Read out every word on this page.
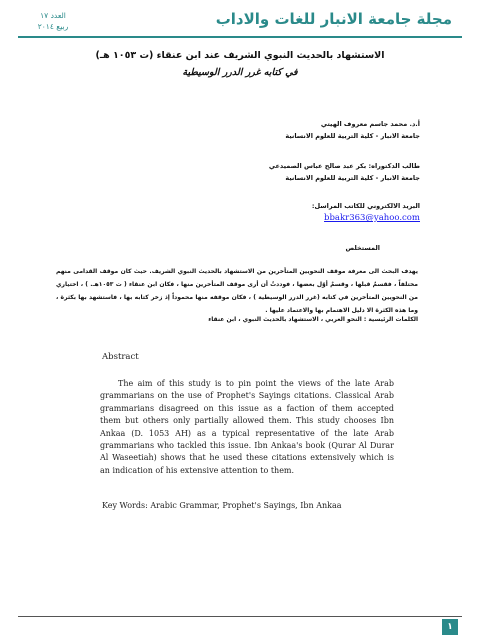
العدد ١٧
ربيع ٢٠١٤	مجلة جامعة الانبار للغات والاداب
الاستشهاد بالحديث النبوي الشريف عند ابن عنقاء (ت ١٠٥٣ هـ)
في كتابه غرر الدرر الوسيطية
أ.د. محمد جاسم معروف الهيتي
جامعة الانبار - كلية التربية للعلوم الانسانية
طالب الدكتوراه: بكر عبد صالح عباس الصميدعي
جامعة الانبار - كلية التربية للعلوم الانسانية
البريد الالكتروني للكاتب المراسل:
bbakr363@yahoo.com
المستخلص
يهدف البحث الى معرفة موقف النحويين المتأخرين من الاستشهاد بالحديث النبوي الشريف. حيث كان موقف القدامى منهم مختلفاً ، فقسمٌ قبلها ، وقسمٌ أوّل بعضها ، فوددتُ أن أرى موقف المتأخرين منها ، فكان ابن عنقاء ( ت ١٠٥٣هـ. ) ، اختياري من النحويين المتأخرين في كتابه (غرر الدرر الوسيطية ) ، فكان موقفه منها محموداً إذ زخر كتابه بها ، فاستشهد بها بكثرة ، وما هذه الكثرة الا دليل الاهتمام بها والاعتماد عليها .
الكلمات الرئيسية : النحو العربي ، الاستشهاد بالحديث النبوي ، ابن عنقاء
Abstract
The aim of this study is to pin point the views of the late Arab grammarians on the use of Prophet's Sayings citations. Classical Arab grammarians disagreed on this issue as a faction of them accepted them but others only partially allowed them. This study chooses Ibn Ankaa (D. 1053 AH) as a typical representative of the late Arab grammarians who tackled this issue. Ibn Ankaa's book (Qurar Al Durar Al Waseetiah) shows that he used these citations extensively which is an indication of his extensive attention to them.
Key Words: Arabic Grammar, Prophet's Sayings, Ibn Ankaa
١
